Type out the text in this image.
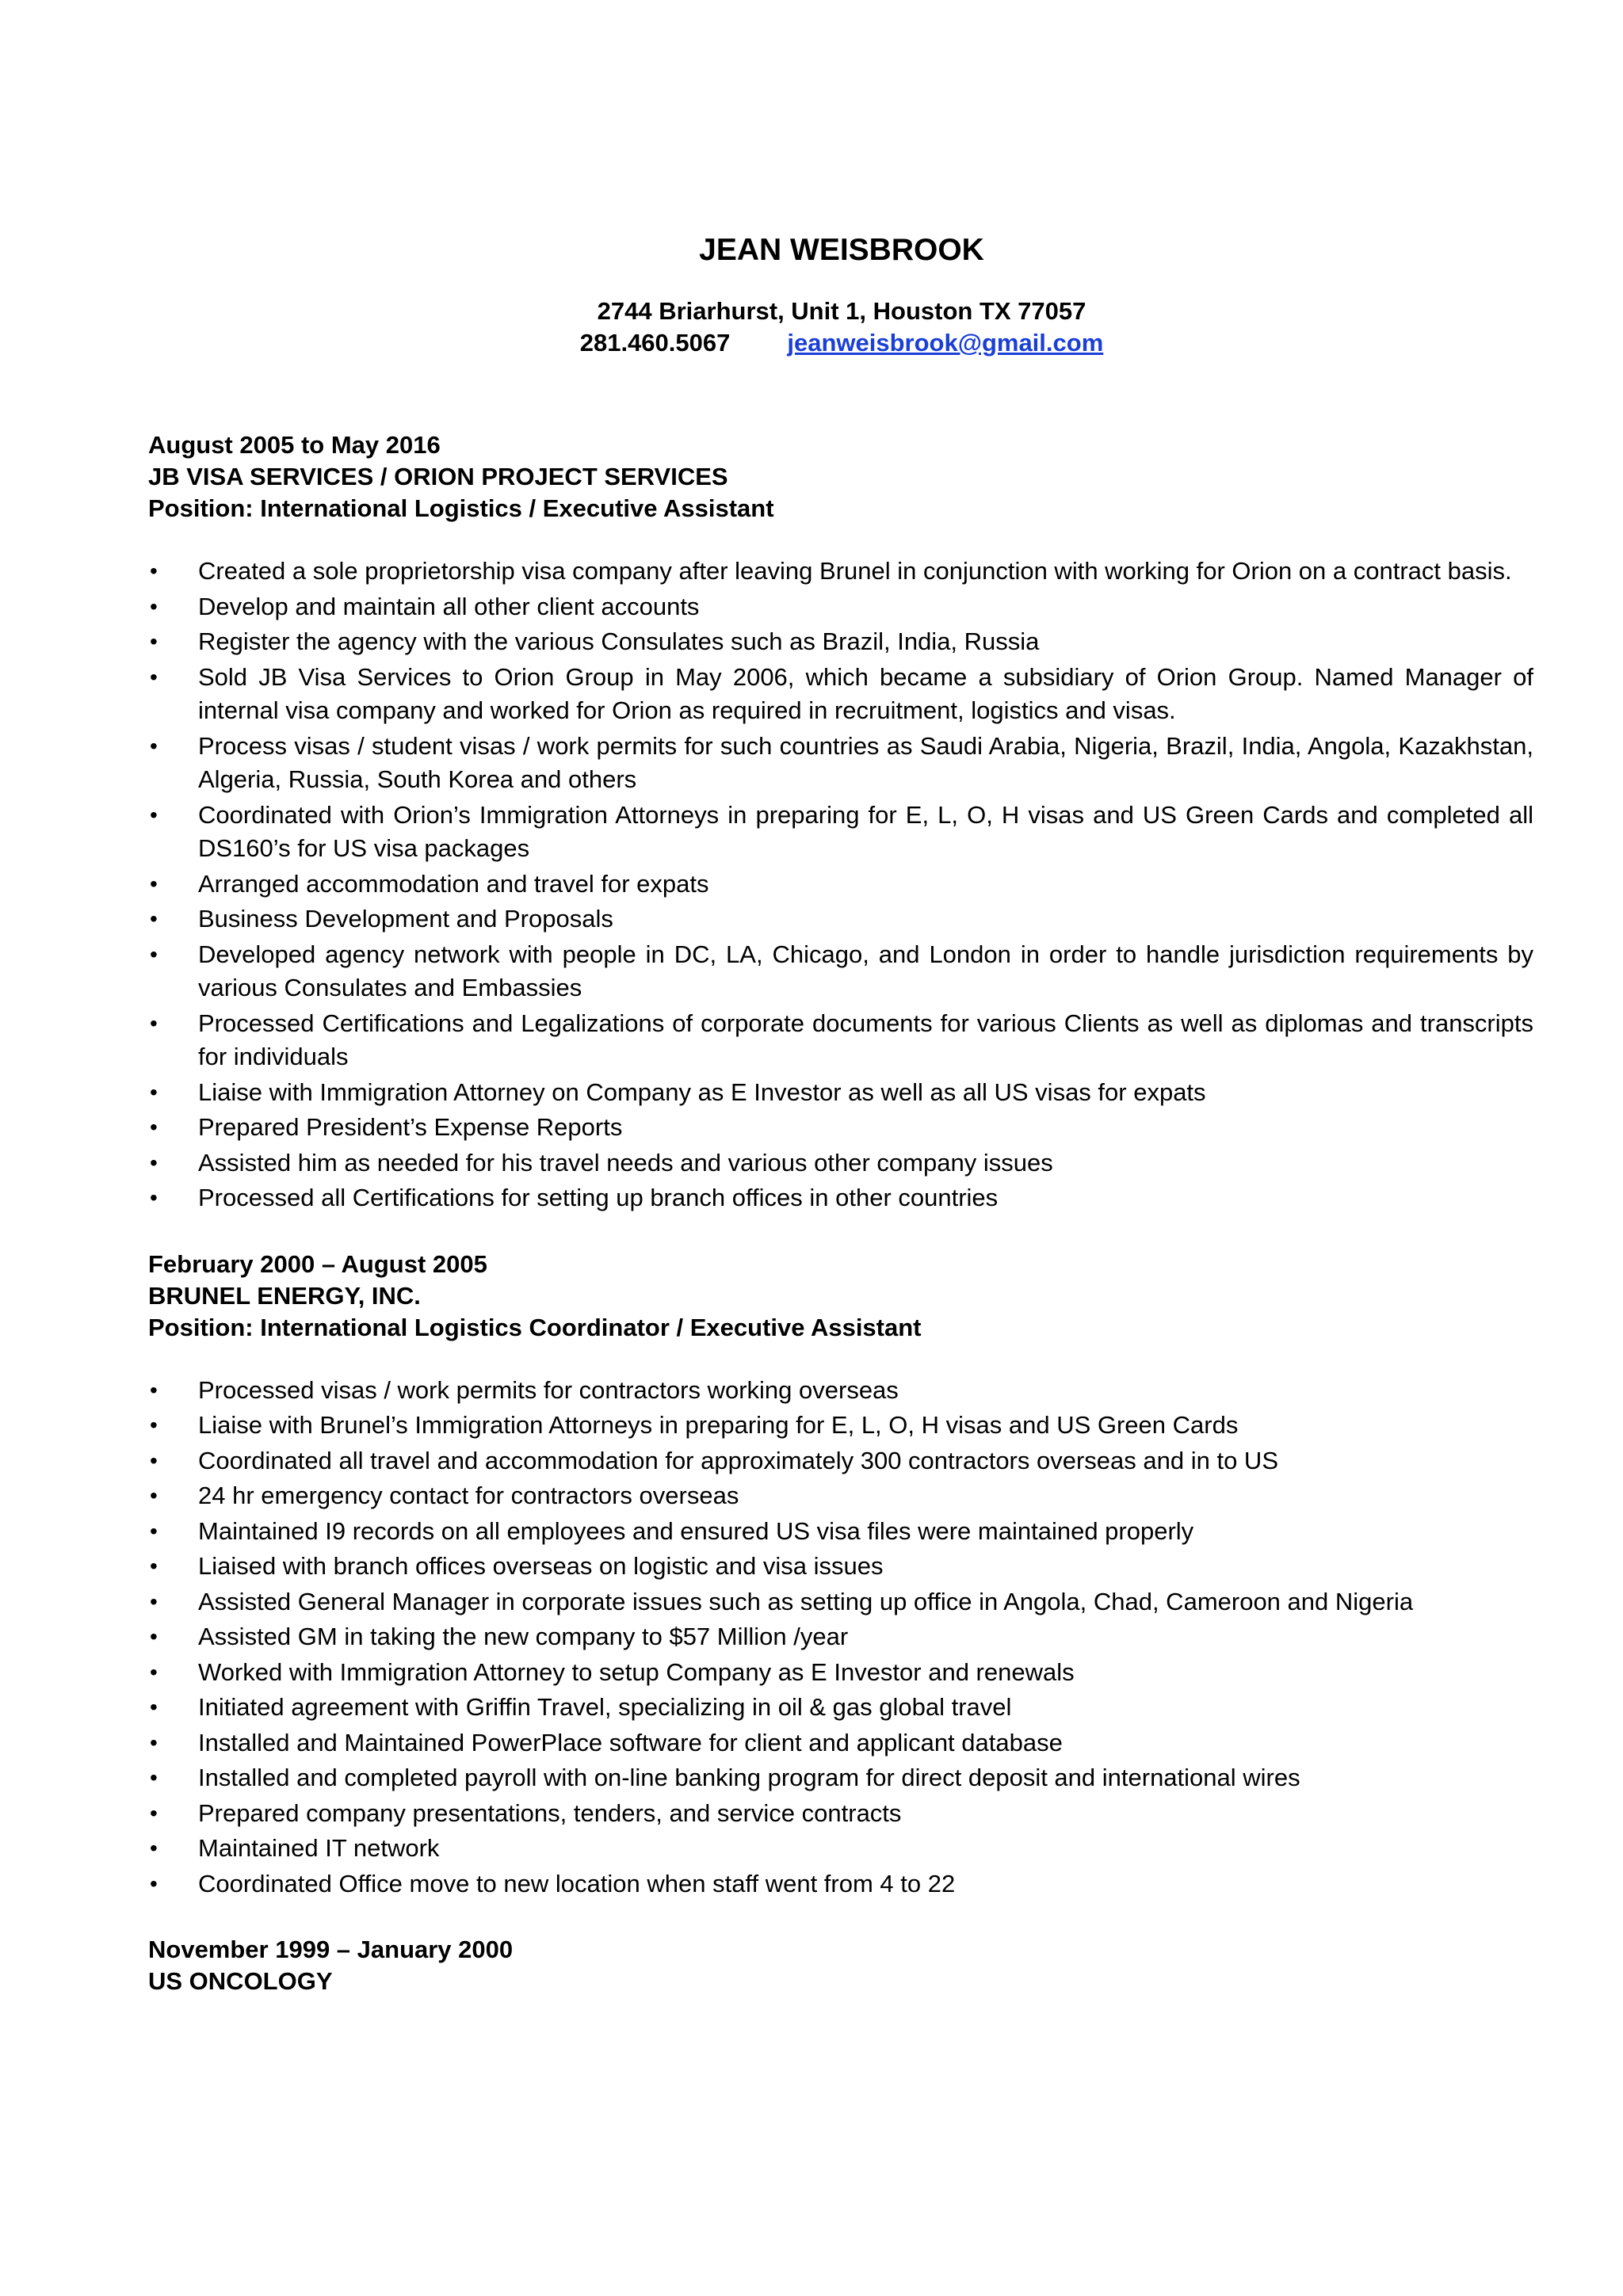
JEAN WEISBROOK
2744 Briarhurst, Unit 1, Houston TX 77057
281.460.5067 jeanweisbrook@gmail.com
August 2005 to May 2016
JB VISA SERVICES / ORION PROJECT SERVICES
Position: International Logistics / Executive Assistant
• Created a sole proprietorship visa company after leaving Brunel in conjunction with working for Orion on a contract basis.
• Develop and maintain all other client accounts
• Register the agency with the various Consulates such as Brazil, India, Russia
• Sold JB Visa Services to Orion Group in May 2006, which became a subsidiary of Orion Group. Named Manager of internal visa company and worked for Orion as required in recruitment, logistics and visas.
• Process visas / student visas / work permits for such countries as Saudi Arabia, Nigeria, Brazil, India, Angola, Kazakhstan, Algeria, Russia, South Korea and others
• Coordinated with Orion’s Immigration Attorneys in preparing for E, L, O, H visas and US Green Cards and completed all DS160’s for US visa packages
• Arranged accommodation and travel for expats
• Business Development and Proposals
• Developed agency network with people in DC, LA, Chicago, and London in order to handle jurisdiction requirements by various Consulates and Embassies
• Processed Certifications and Legalizations of corporate documents for various Clients as well as diplomas and transcripts for individuals
• Liaise with Immigration Attorney on Company as E Investor as well as all US visas for expats
• Prepared President’s Expense Reports
• Assisted him as needed for his travel needs and various other company issues
• Processed all Certifications for setting up branch offices in other countries
February 2000 – August 2005
BRUNEL ENERGY, INC.
Position: International Logistics Coordinator / Executive Assistant
• Processed visas / work permits for contractors working overseas
• Liaise with Brunel’s Immigration Attorneys in preparing for E, L, O, H visas and US Green Cards
• Coordinated all travel and accommodation for approximately 300 contractors overseas and in to US
• 24 hr emergency contact for contractors overseas
• Maintained I9 records on all employees and ensured US visa files were maintained properly
• Liaised with branch offices overseas on logistic and visa issues
• Assisted General Manager in corporate issues such as setting up office in Angola, Chad, Cameroon and Nigeria
• Assisted GM in taking the new company to $57 Million /year
• Worked with Immigration Attorney to setup Company as E Investor and renewals
• Initiated agreement with Griffin Travel, specializing in oil & gas global travel
• Installed and Maintained PowerPlace software for client and applicant database
• Installed and completed payroll with on-line banking program for direct deposit and international wires
• Prepared company presentations, tenders, and service contracts
• Maintained IT network
• Coordinated Office move to new location when staff went from 4 to 22
November 1999 – January 2000
US ONCOLOGY
